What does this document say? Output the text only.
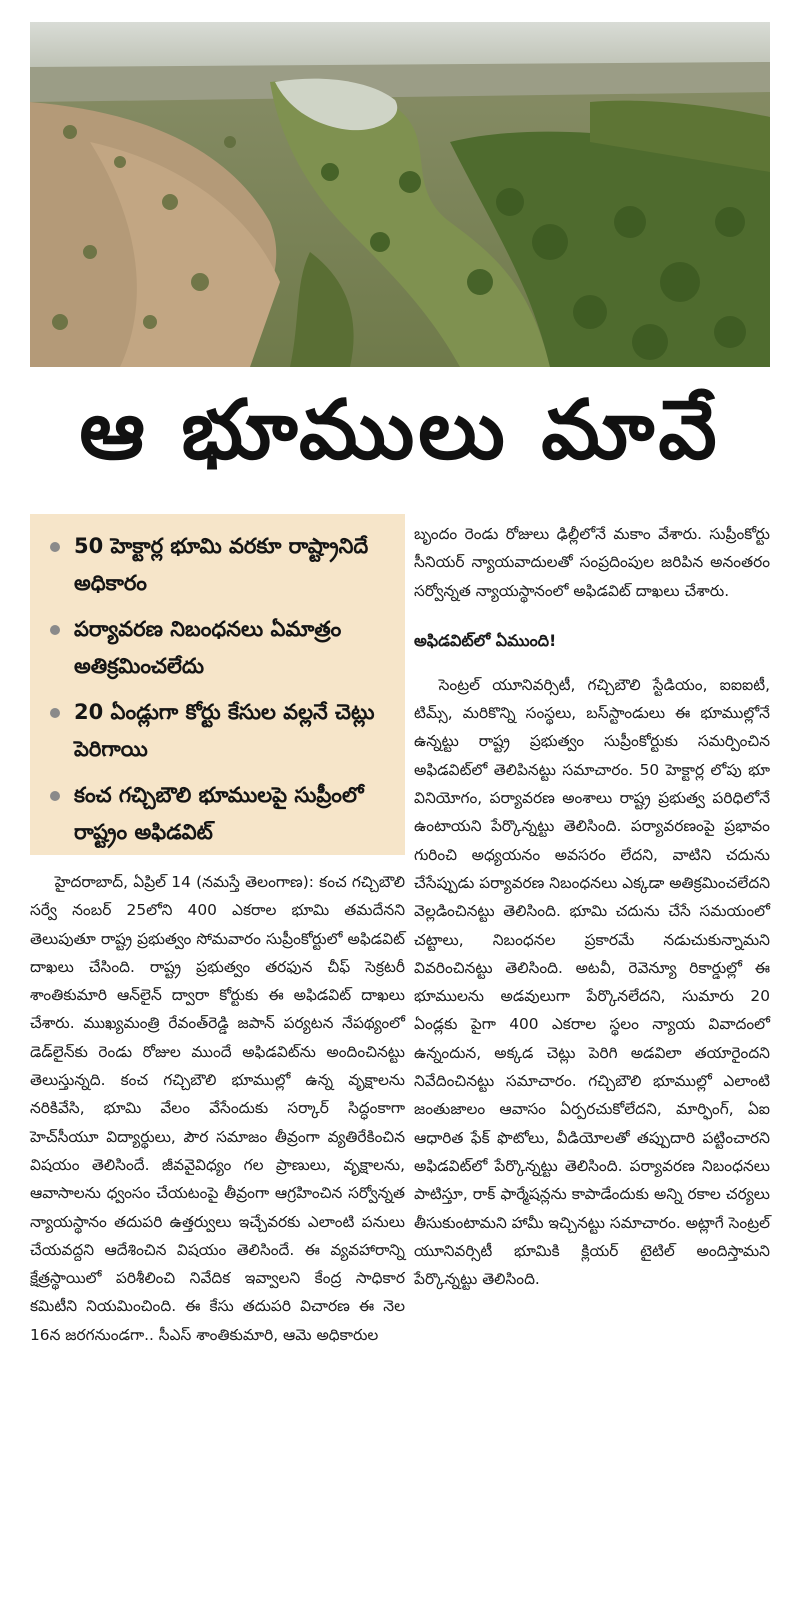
ఆ భూములు మావే
50 హెక్టార్ల భూమి వరకూ రాష్ట్రానిదే అధికారం
పర్యావరణ నిబంధనలు ఏమాత్రం అతిక్రమించలేదు
20 ఏండ్లుగా కోర్టు కేసుల వల్లనే చెట్లు పెరిగాయి
కంచ గచ్చిబౌలి భూములపై సుప్రీంలో రాష్ట్రం అఫిడవిట్

హైదరాబాద్, ఏప్రిల్ 14 (నమస్తే తెలంగాణ): కంచ గచ్చిబౌలి సర్వే నంబర్ 25లోని 400 ఎకరాల భూమి తమదేనని తెలుపుతూ రాష్ట్ర ప్రభుత్వం సోమవారం సుప్రీంకోర్టులో అఫిడవిట్ దాఖలు చేసింది. రాష్ట్ర ప్రభుత్వం తరఫున చీఫ్ సెక్రటరీ శాంతికుమారి ఆన్‌లైన్ ద్వారా కోర్టుకు ఈ అఫిడవిట్ దాఖలు చేశారు. ముఖ్యమంత్రి రేవంత్‌రెడ్డి జపాన్ పర్యటన నేపథ్యంలో డెడ్‌లైన్‌కు రెండు రోజుల ముందే అఫిడవిట్‌ను అందించినట్టు తెలుస్తున్నది. కంచ గచ్చిబౌలి భూముల్లో ఉన్న వృక్షాలను నరికివేసి, భూమి వేలం వేసేందుకు సర్కార్ సిద్ధంకాగా హెచ్‌సీయూ విద్యార్థులు, పౌర సమాజం తీవ్రంగా వ్యతిరేకించిన విషయం తెలిసిందే. జీవవైవిధ్యం గల ప్రాణులు, వృక్షాలను, ఆవాసాలను ధ్వంసం చేయటంపై తీవ్రంగా ఆగ్రహించిన సర్వోన్నత న్యాయస్థానం తదుపరి ఉత్తర్వులు ఇచ్చేవరకు ఎలాంటి పనులు చేయవద్దని ఆదేశించిన విషయం తెలిసిందే. ఈ వ్యవహారాన్ని క్షేత్రస్థాయిలో పరిశీలించి నివేదిక ఇవ్వాలని కేంద్ర సాధికార కమిటీని నియమించింది. ఈ కేసు తదుపరి విచారణ ఈ నెల 16న జరగనుండగా.. సీఎస్ శాంతికుమారి, ఆమె అధికారుల

బృందం రెండు రోజులు ఢిల్లీలోనే మకాం వేశారు. సుప్రీంకోర్టు సీనియర్ న్యాయవాదులతో సంప్రదింపుల జరిపిన అనంతరం సర్వోన్నత న్యాయస్థానంలో అఫిడవిట్ దాఖలు చేశారు.

అఫిడవిట్‌లో ఏముంది!

సెంట్రల్ యూనివర్సిటీ, గచ్చిబౌలి స్టేడియం, ఐఐఐటీ, టిమ్స్, మరికొన్ని సంస్థలు, బస్‌స్టాండులు ఈ భూముల్లోనే ఉన్నట్టు రాష్ట్ర ప్రభుత్వం సుప్రీంకోర్టుకు సమర్పించిన అఫిడవిట్‌లో తెలిపినట్టు సమాచారం. 50 హెక్టార్ల లోపు భూ వినియోగం, పర్యావరణ అంశాలు రాష్ట్ర ప్రభుత్వ పరిధిలోనే ఉంటాయని పేర్కొన్నట్టు తెలిసింది. పర్యావరణంపై ప్రభావం గురించి అధ్యయనం అవసరం లేదని, వాటిని చదును చేసేప్పుడు పర్యావరణ నిబంధనలు ఎక్కడా అతిక్రమించలేదని వెల్లడించినట్టు తెలిసింది. భూమి చదును చేసే సమయంలో చట్టాలు, నిబంధనల ప్రకారమే నడుచుకున్నామని వివరించినట్టు తెలిసింది. అటవీ, రెవెన్యూ రికార్డుల్లో ఈ భూములను అడవులుగా పేర్కొనలేదని, సుమారు 20 ఏండ్లకు పైగా 400 ఎకరాల స్థలం న్యాయ వివాదంలో ఉన్నందున, అక్కడ చెట్లు పెరిగి అడవిలా తయారైందని నివేదించినట్టు సమాచారం. గచ్చిబౌలి భూముల్లో ఎలాంటి జంతుజాలం ఆవాసం ఏర్పరచుకోలేదని, మార్ఫింగ్, ఏఐ ఆధారిత ఫేక్ ఫొటోలు, వీడియోలతో తప్పుదారి పట్టించారని అఫిడవిట్‌లో పేర్కొన్నట్టు తెలిసింది. పర్యావరణ నిబంధనలు పాటిస్తూ, రాక్ ఫార్మేషన్లను కాపాడేందుకు అన్ని రకాల చర్యలు తీసుకుంటామని హామీ ఇచ్చినట్టు సమాచారం. అట్లాగే సెంట్రల్ యూనివర్సిటీ భూమికి క్లియర్ టైటిల్ అందిస్తామని పేర్కొన్నట్టు తెలిసింది.
